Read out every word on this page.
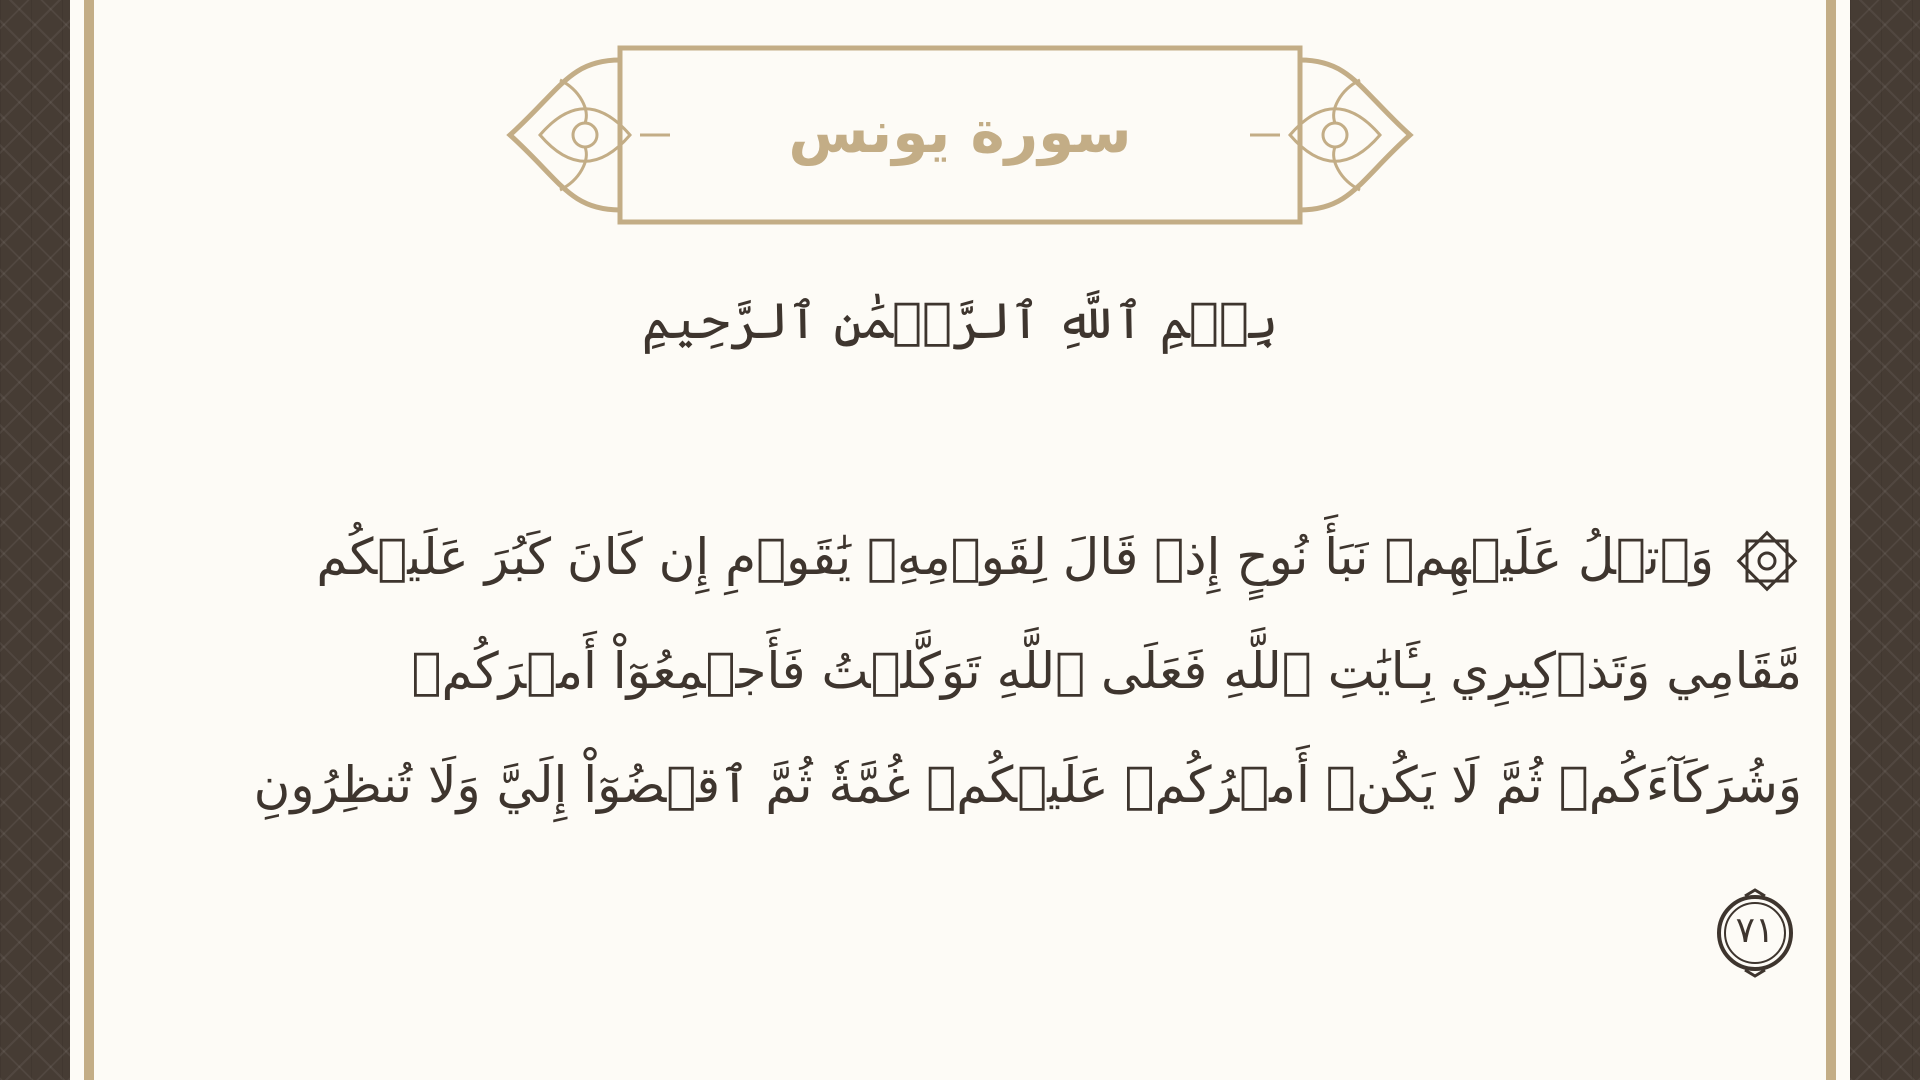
سورة يونس
بِسۡمِ ٱللَّهِ ٱلرَّحۡمَٰنِ ٱلرَّحِيمِ
وَٱتۡلُ عَلَيۡهِمۡ نَبَأَ نُوحٍ إِذۡ قَالَ لِقَوۡمِهِۦ يَٰقَوۡمِ إِن كَانَ كَبُرَ عَلَيۡكُم
مَّقَامِي وَتَذۡكِيرِي بِـَٔايَٰتِ ٱللَّهِ فَعَلَى ٱللَّهِ تَوَكَّلۡتُ فَأَجۡمِعُوٓاْ أَمۡرَكُمۡ
وَشُرَكَآءَكُمۡ ثُمَّ لَا يَكُنۡ أَمۡرُكُمۡ عَلَيۡكُمۡ غُمَّةٗ ثُمَّ ٱقۡضُوٓاْ إِلَيَّ وَلَا تُنظِرُونِ
٧١
